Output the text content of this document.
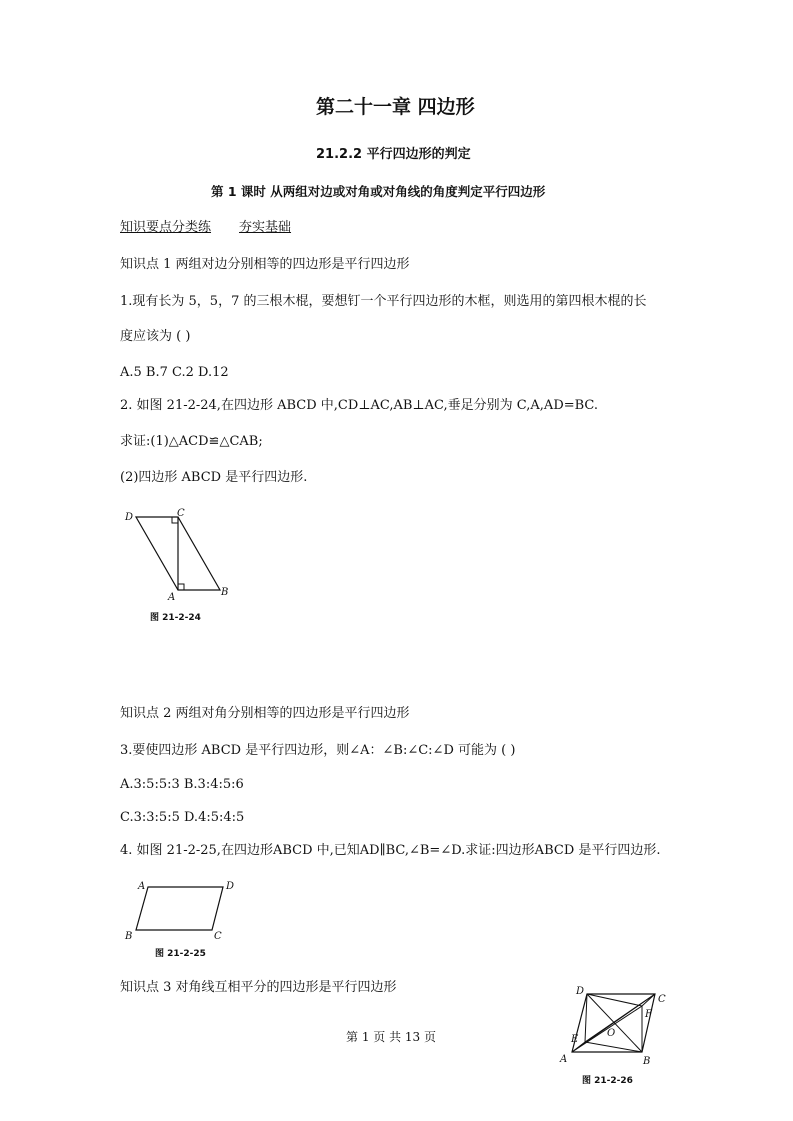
第二十一章 四边形
21.2.2 平行四边形的判定
第 1 课时 从两组对边或对角或对角线的角度判定平行四边形
知识要点分类练 夯实基础
知识点 1 两组对边分别相等的四边形是平行四边形
1.现有长为 5，5，7 的三根木棍，要想钉一个平行四边形的木框，则选用的第四根木棍的长
度应该为 ( )
A.5 B.7 C.2 D.12
2. 如图 21-2-24,在四边形 ABCD 中,CD⊥AC,AB⊥AC,垂足分别为 C,A,AD=BC.
求证:(1)△ACD≌△CAB;
(2)四边形 ABCD 是平行四边形.
D	C
A	B
图 21-2-24
知识点 2 两组对角分别相等的四边形是平行四边形
3.要使四边形 ABCD 是平行四边形，则∠A：∠B:∠C:∠D 可能为 ( )
A.3:5:5:3 B.3:4:5:6
C.3:3:5:5 D.4:5:4:5
4. 如图 21-2-25,在四边形ABCD 中,已知AD∥BC,∠B=∠D.求证:四边形ABCD 是平行四边形.
A	D
B	C
图 21-2-25
知识点 3 对角线互相平分的四边形是平行四边形	D
C
F
O
E
A	B
图 21-2-26
第 1 页 共 13 页
